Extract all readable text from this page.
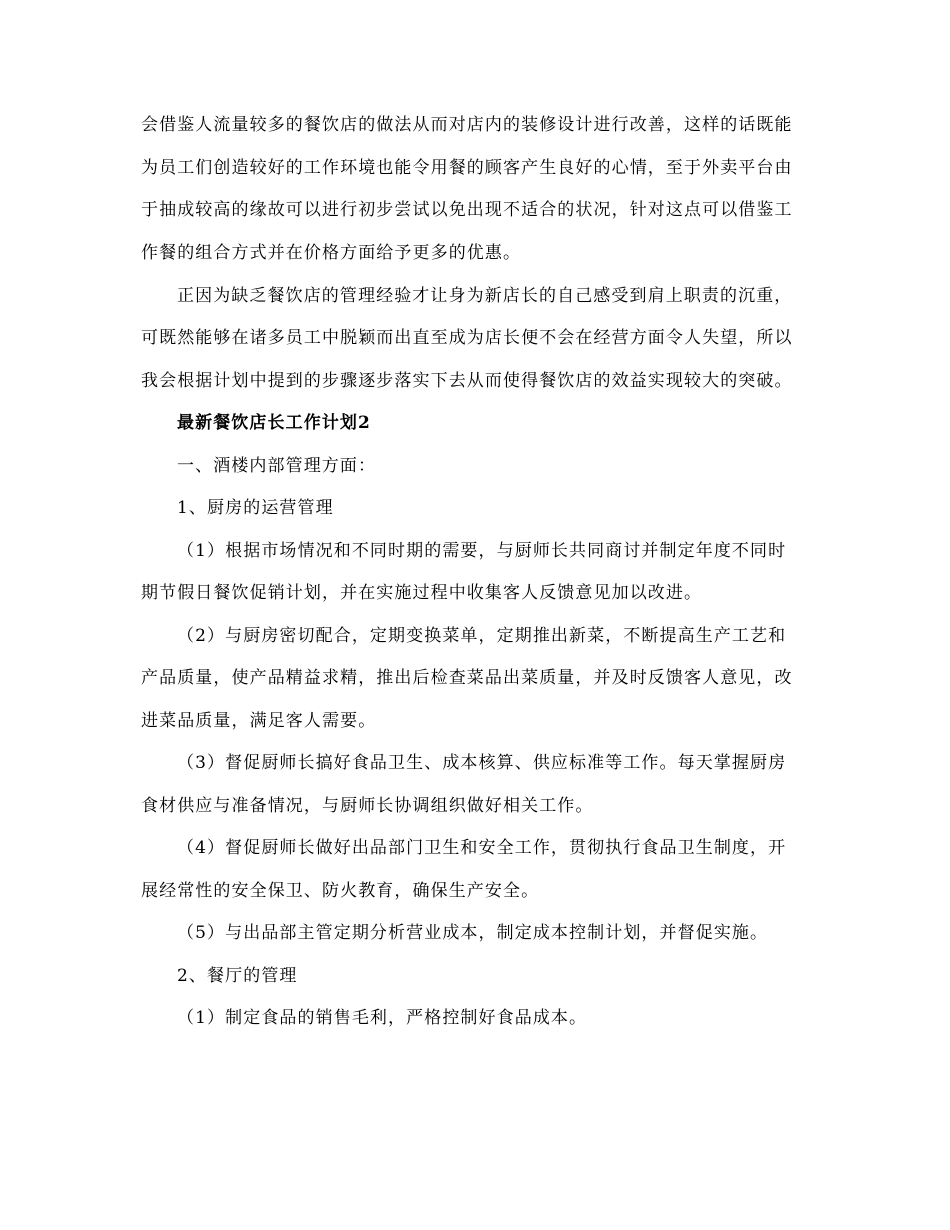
会借鉴人流量较多的餐饮店的做法从而对店内的装修设计进行改善，这样的话既能
为员工们创造较好的工作环境也能令用餐的顾客产生良好的心情，至于外卖平台由
于抽成较高的缘故可以进行初步尝试以免出现不适合的状况，针对这点可以借鉴工
作餐的组合方式并在价格方面给予更多的优惠。
正因为缺乏餐饮店的管理经验才让身为新店长的自己感受到肩上职责的沉重，
可既然能够在诸多员工中脱颖而出直至成为店长便不会在经营方面令人失望，所以
我会根据计划中提到的步骤逐步落实下去从而使得餐饮店的效益实现较大的突破。
最新餐饮店长工作计划2
一、酒楼内部管理方面：
1、厨房的运营管理
（1）根据市场情况和不同时期的需要，与厨师长共同商讨并制定年度不同时
期节假日餐饮促销计划，并在实施过程中收集客人反馈意见加以改进。
（2）与厨房密切配合，定期变换菜单，定期推出新菜，不断提高生产工艺和
产品质量，使产品精益求精，推出后检查菜品出菜质量，并及时反馈客人意见，改
进菜品质量，满足客人需要。
（3）督促厨师长搞好食品卫生、成本核算、供应标准等工作。每天掌握厨房
食材供应与准备情况，与厨师长协调组织做好相关工作。
（4）督促厨师长做好出品部门卫生和安全工作，贯彻执行食品卫生制度，开
展经常性的安全保卫、防火教育，确保生产安全。
（5）与出品部主管定期分析营业成本，制定成本控制计划，并督促实施。
2、餐厅的管理
（1）制定食品的销售毛利，严格控制好食品成本。
